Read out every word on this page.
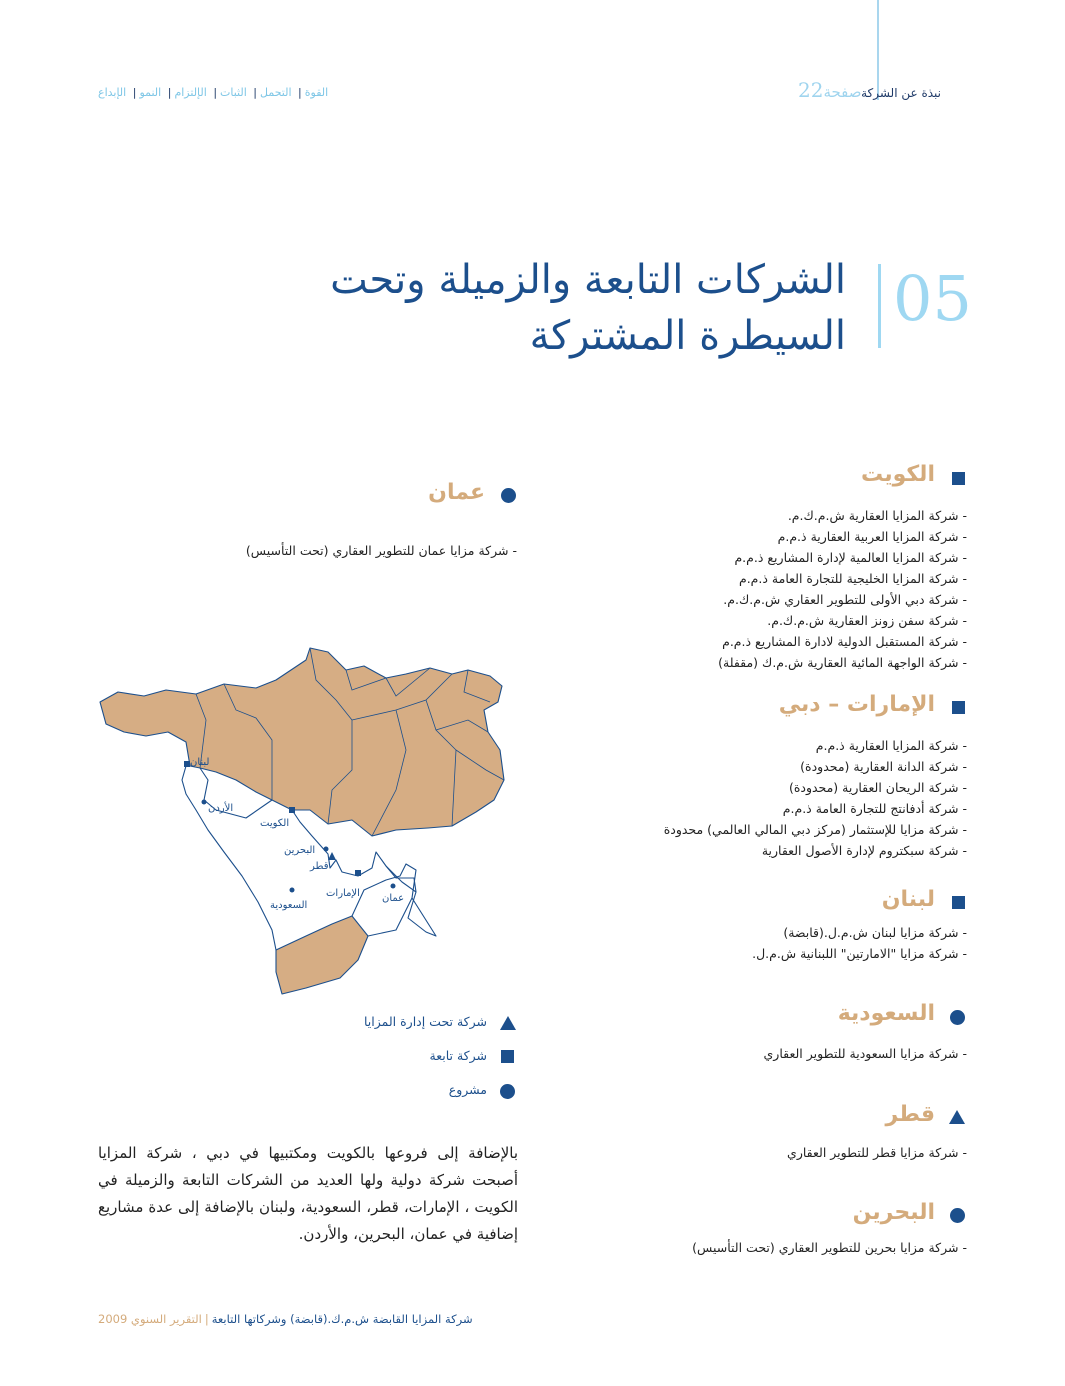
نبذة عن الشركة
صفحة22
القوة| التحمل| الثبات| الإلتزام| النمو| الإبداع
05
الشركات التابعة والزميلة وتحت
السيطرة المشتركة
الكويت
- شركة المزايا العقارية ش.م.ك.م.
- شركة المزايا العربية العقارية ذ.م.م
- شركة المزايا العالمية لإدارة المشاريع ذ.م.م
- شركة المزايا الخليجية للتجارة العامة ذ.م.م
- شركة دبي الأولى للتطوير العقاري ش.م.ك.م.
- شركة سفن زونز العقارية ش.م.ك.م.
- شركة المستقبل الدولية لادارة المشاريع ذ.م.م
- شركة الواجهة المائية العقارية ش.م.ك (مقفلة)
الإمارات – دبي
- شركة المزايا العقارية ذ.م.م
- شركة الدانة العقارية (محدودة)
- شركة الريحان العقارية (محدودة)
- شركة أدفانتج للتجارة العامة ذ.م.م
- شركة مزايا للإستثمار (مركز دبي المالي العالمي) محدودة
- شركة سبكتروم لإدارة الأصول العقارية
لبنان
- شركة مزايا لبنان ش.م.ل.(قابضة)
- شركة مزايا "الامارتين" اللبنانية ش.م.ل.
السعودية
- شركة مزايا السعودية للتطوير العقاري
قطر
- شركة مزايا قطر للتطوير العقاري
البحرين
- شركة مزايا بحرين للتطوير العقاري (تحت التأسيس)
عمان
- شركة مزايا عمان للتطوير العقاري (تحت التأسيس)
لبنان
الأردن
الكويت
البحرين
قطر
الإمارات
السعودية
عمان
شركة تحت إدارة المزايا
شركة تابعة
مشروع
بالإضافة إلى فروعها بالكويت ومكتبيها في دبي ، شركة المزايا أصبحت شركة دولية ولها العديد من الشركات التابعة والزميلة في الكويت ، الإمارات، قطر، السعودية، ولبنان بالإضافة إلى عدة مشاريع إضافية في عمان، البحرين، والأردن.
شركة المزايا القابضة ش.م.ك.(قابضة) وشركاتها التابعة|التقرير السنوي 2009
